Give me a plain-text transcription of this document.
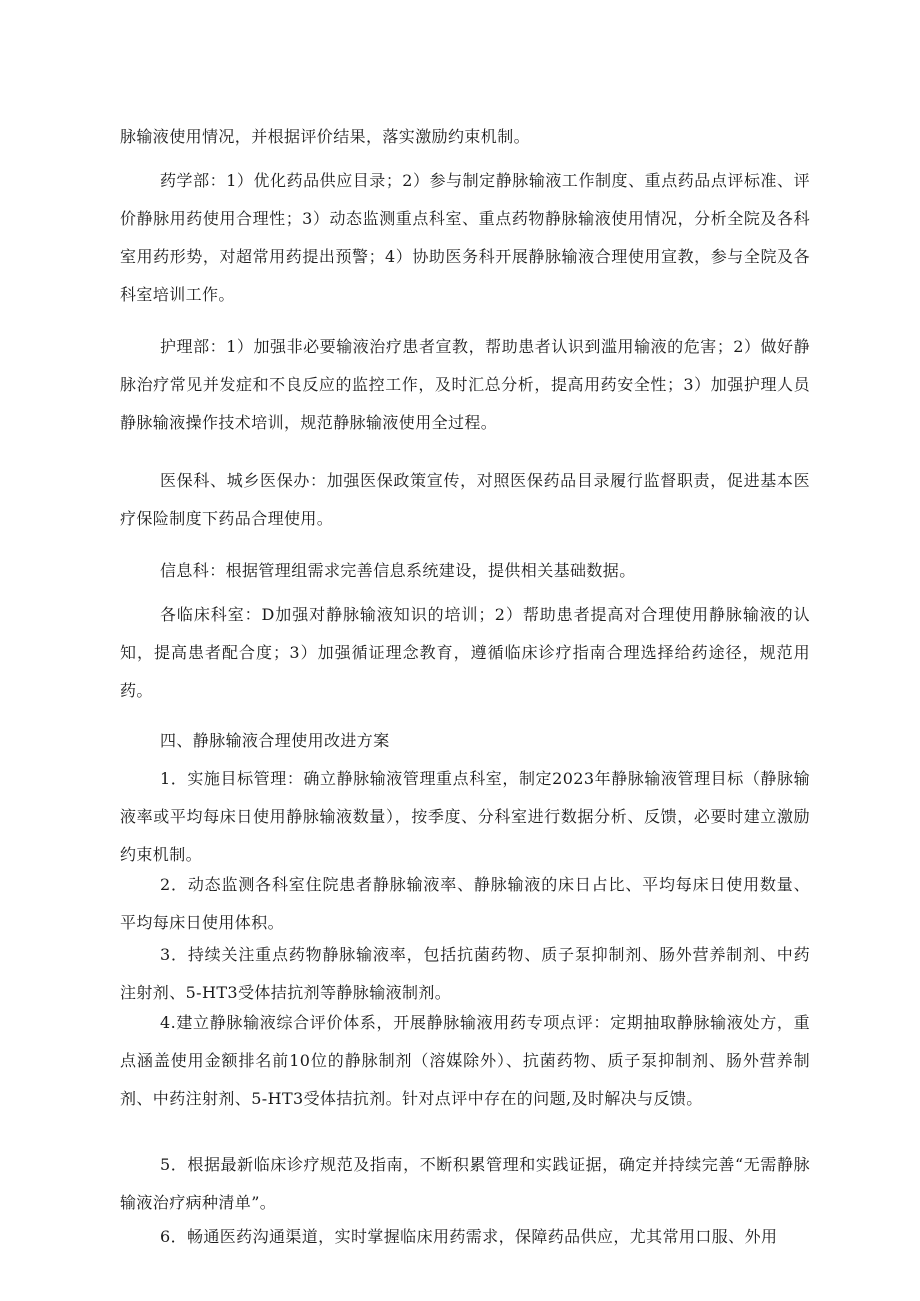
脉输液使用情况，并根据评价结果，落实激励约束机制。

药学部：1）优化药品供应目录；2）参与制定静脉输液工作制度、重点药品点评标准、评价静脉用药使用合理性；3）动态监测重点科室、重点药物静脉输液使用情况，分析全院及各科室用药形势，对超常用药提出预警；4）协助医务科开展静脉输液合理使用宣教，参与全院及各科室培训工作。

护理部：1）加强非必要输液治疗患者宣教，帮助患者认识到滥用输液的危害；2）做好静脉治疗常见并发症和不良反应的监控工作，及时汇总分析，提高用药安全性；3）加强护理人员静脉输液操作技术培训，规范静脉输液使用全过程。

医保科、城乡医保办：加强医保政策宣传，对照医保药品目录履行监督职责，促进基本医疗保险制度下药品合理使用。

信息科：根据管理组需求完善信息系统建设，提供相关基础数据。

各临床科室：D加强对静脉输液知识的培训；2）帮助患者提高对合理使用静脉输液的认知，提高患者配合度；3）加强循证理念教育，遵循临床诊疗指南合理选择给药途径，规范用药。

四、静脉输液合理使用改进方案

1．实施目标管理：确立静脉输液管理重点科室，制定2023年静脉输液管理目标（静脉输液率或平均每床日使用静脉输液数量），按季度、分科室进行数据分析、反馈，必要时建立激励约束机制。

2．动态监测各科室住院患者静脉输液率、静脉输液的床日占比、平均每床日使用数量、平均每床日使用体积。

3．持续关注重点药物静脉输液率，包括抗菌药物、质子泵抑制剂、肠外营养制剂、中药注射剂、5-HT3受体拮抗剂等静脉输液制剂。

4.建立静脉输液综合评价体系，开展静脉输液用药专项点评：定期抽取静脉输液处方，重点涵盖使用金额排名前10位的静脉制剂（溶媒除外）、抗菌药物、质子泵抑制剂、肠外营养制剂、中药注射剂、5-HT3受体拮抗剂。针对点评中存在的问题,及时解决与反馈。

5．根据最新临床诊疗规范及指南，不断积累管理和实践证据，确定并持续完善“无需静脉输液治疗病种清单”。

6．畅通医药沟通渠道，实时掌握临床用药需求，保障药品供应，尤其常用口服、外用
